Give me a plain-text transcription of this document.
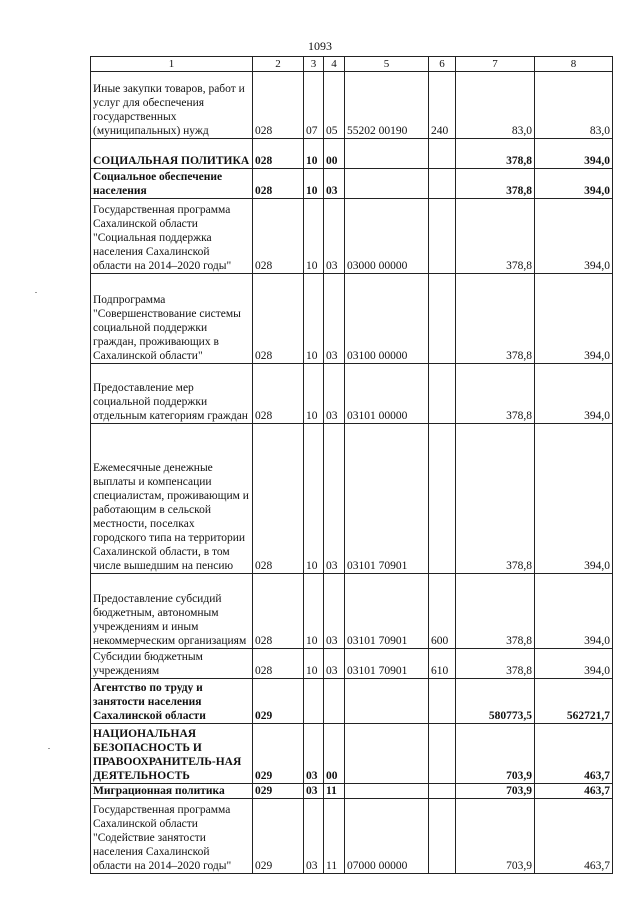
1093
1	2	3	4	5	6	7	8
Иные закупки товаров, работ и услуг для обеспечения государственных (муниципальных) нужд	028	07	05	55202 00190	240	83,0	83,0
СОЦИАЛЬНАЯ ПОЛИТИКА	028	10	00			378,8	394,0
Социальное обеспечение населения	028	10	03			378,8	394,0
Государственная программа Сахалинской области "Социальная поддержка населения Сахалинской области на 2014–2020 годы"	028	10	03	03000 00000		378,8	394,0
Подпрограмма "Совершенствование системы социальной поддержки граждан, проживающих в Сахалинской области"	028	10	03	03100 00000		378,8	394,0
Предоставление мер социальной поддержки отдельным категориям граждан	028	10	03	03101 00000		378,8	394,0
Ежемесячные денежные выплаты и компенсации специалистам, проживающим и работающим в сельской местности, поселках городского типа на территории Сахалинской области, в том числе вышедшим на пенсию	028	10	03	03101 70901		378,8	394,0
Предоставление субсидий бюджетным, автономным учреждениям и иным некоммерческим организациям	028	10	03	03101 70901	600	378,8	394,0
Субсидии бюджетным учреждениям	028	10	03	03101 70901	610	378,8	394,0
Агентство по труду и занятости населения Сахалинской области	029					580773,5	562721,7
НАЦИОНАЛЬНАЯ БЕЗОПАСНОСТЬ И ПРАВООХРАНИТЕЛЬ-НАЯ ДЕЯТЕЛЬНОСТЬ	029	03	00			703,9	463,7
Миграционная политика	029	03	11			703,9	463,7
Государственная программа Сахалинской области "Содействие занятости населения Сахалинской области на 2014–2020 годы"	029	03	11	07000 00000		703,9	463,7
